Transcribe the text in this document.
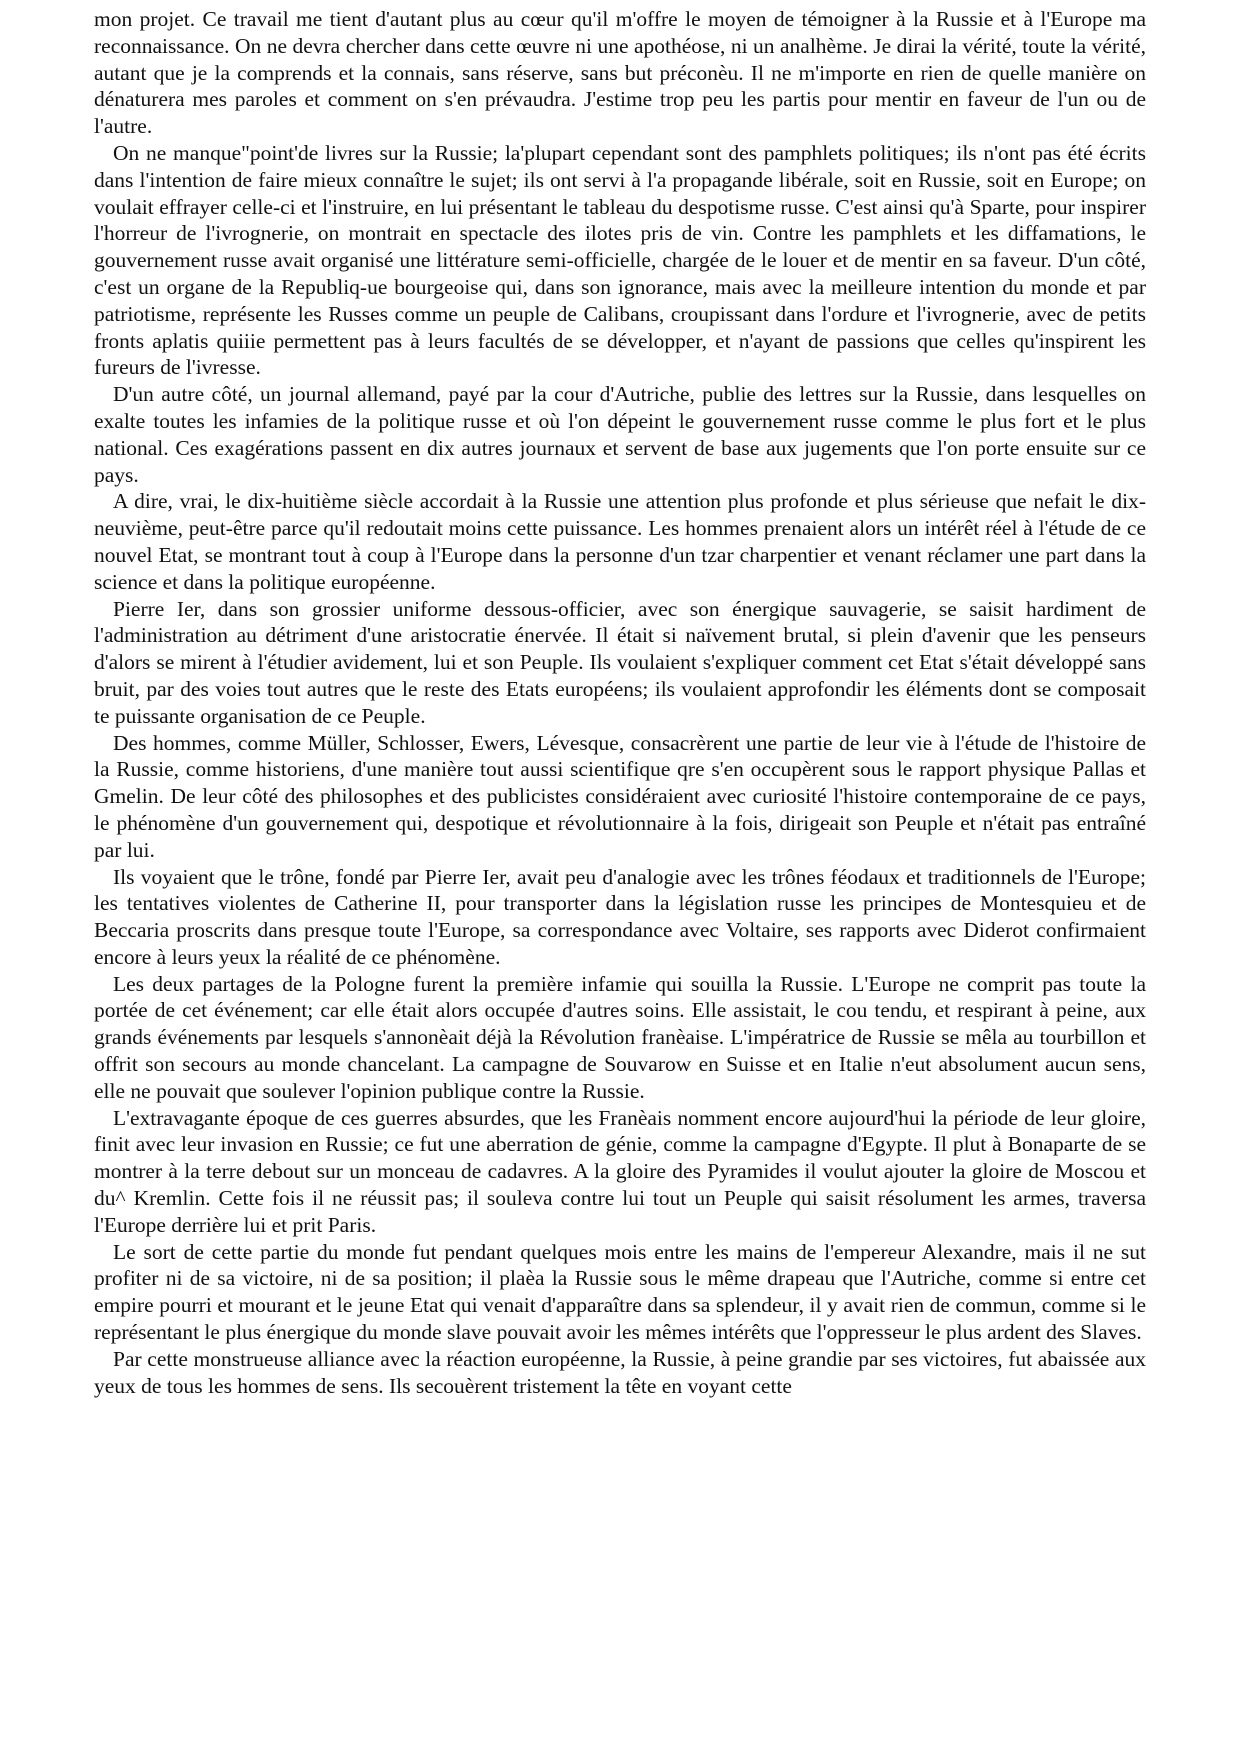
mon projet. Ce travail me tient d'autant plus au cœur qu'il m'offre le moyen de témoigner à la Russie et à l'Europe ma reconnaissance. On ne devra chercher dans cette œuvre ni une apothéose, ni un analhème. Je dirai la vérité, toute la vérité, autant que je la comprends et la connais, sans réserve, sans but préconèu. Il ne m'importe en rien de quelle manière on dénaturera mes paroles et comment on s'en prévaudra. J'estime trop peu les partis pour mentir en faveur de l'un ou de l'autre.

On ne manque"point'de livres sur la Russie; la'plupart cependant sont des pamphlets politiques; ils n'ont pas été écrits dans l'intention de faire mieux connaître le sujet; ils ont servi à l'a propagande libérale, soit en Russie, soit en Europe; on voulait effrayer celle-ci et l'instruire, en lui présentant le tableau du despotisme russe. C'est ainsi qu'à Sparte, pour inspirer l'horreur de l'ivrognerie, on montrait en spectacle des ilotes pris de vin. Contre les pamphlets et les diffamations, le gouvernement russe avait organisé une littérature semi-officielle, chargée de le louer et de mentir en sa faveur. D'un côté, c'est un organe de la Republiq-ue bourgeoise qui, dans son ignorance, mais avec la meilleure intention du monde et par patriotisme, représente les Russes comme un peuple de Calibans, croupissant dans l'ordure et l'ivrognerie, avec de petits fronts aplatis quiiie permettent pas à leurs facultés de se développer, et n'ayant de passions que celles qu'inspirent les fureurs de l'ivresse.

D'un autre côté, un journal allemand, payé par la cour d'Autriche, publie des lettres sur la Russie, dans lesquelles on exalte toutes les infamies de la politique russe et où l'on dépeint le gouvernement russe comme le plus fort et le plus national. Ces exagérations passent en dix autres journaux et servent de base aux jugements que l'on porte ensuite sur ce pays.

A dire, vrai, le dix-huitième siècle accordait à la Russie une attention plus profonde et plus sérieuse que nefait le dix-neuvième, peut-être parce qu'il redoutait moins cette puissance. Les hommes prenaient alors un intérêt réel à l'étude de ce nouvel Etat, se montrant tout à coup à l'Europe dans la personne d'un tzar charpentier et venant réclamer une part dans la science et dans la politique européenne.

Pierre Ier, dans son grossier uniforme dessous-officier, avec son énergique sauvagerie, se saisit hardiment de l'administration au détriment d'une aristocratie énervée. Il était si naïvement brutal, si plein d'avenir que les penseurs d'alors se mirent à l'étudier avidement, lui et son Peuple. Ils voulaient s'expliquer comment cet Etat s'était développé sans bruit, par des voies tout autres que le reste des Etats européens; ils voulaient approfondir les éléments dont se composait te puissante organisation de ce Peuple.

Des hommes, comme Müller, Schlosser, Ewers, Lévesque, consacrèrent une partie de leur vie à l'étude de l'histoire de la Russie, comme historiens, d'une manière tout aussi scientifique qre s'en occupèrent sous le rapport physique Pallas et Gmelin. De leur côté des philosophes et des publicistes considéraient avec curiosité l'histoire contemporaine de ce pays, le phénomène d'un gouvernement qui, despotique et révolutionnaire à la fois, dirigeait son Peuple et n'était pas entraîné par lui.

Ils voyaient que le trône, fondé par Pierre Ier, avait peu d'analogie avec les trônes féodaux et traditionnels de l'Europe; les tentatives violentes de Catherine II, pour transporter dans la législation russe les principes de Montesquieu et de Beccaria proscrits dans presque toute l'Europe, sa correspondance avec Voltaire, ses rapports avec Diderot confirmaient encore à leurs yeux la réalité de ce phénomène.

Les deux partages de la Pologne furent la première infamie qui souilla la Russie. L'Europe ne comprit pas toute la portée de cet événement; car elle était alors occupée d'autres soins. Elle assistait, le cou tendu, et respirant à peine, aux grands événements par lesquels s'annonèait déjà la Révolution franèaise. L'impératrice de Russie se mêla au tourbillon et offrit son secours au monde chancelant. La campagne de Souvarow en Suisse et en Italie n'eut absolument aucun sens, elle ne pouvait que soulever l'opinion publique contre la Russie.

L'extravagante époque de ces guerres absurdes, que les Franèais nomment encore aujourd'hui la période de leur gloire, finit avec leur invasion en Russie; ce fut une aberration de génie, comme la campagne d'Egypte. Il plut à Bonaparte de se montrer à la terre debout sur un monceau de cadavres. A la gloire des Pyramides il voulut ajouter la gloire de Moscou et du^ Kremlin. Cette fois il ne réussit pas; il souleva contre lui tout un Peuple qui saisit résolument les armes, traversa l'Europe derrière lui et prit Paris.

Le sort de cette partie du monde fut pendant quelques mois entre les mains de l'empereur Alexandre, mais il ne sut profiter ni de sa victoire, ni de sa position; il plaèa la Russie sous le même drapeau que l'Autriche, comme si entre cet empire pourri et mourant et le jeune Etat qui venait d'apparaître dans sa splendeur, il y avait rien de commun, comme si le représentant le plus énergique du monde slave pouvait avoir les mêmes intérêts que l'oppresseur le plus ardent des Slaves.

Par cette monstrueuse alliance avec la réaction européenne, la Russie, à peine grandie par ses victoires, fut abaissée aux yeux de tous les hommes de sens. Ils secouèrent tristement la tête en voyant cette
